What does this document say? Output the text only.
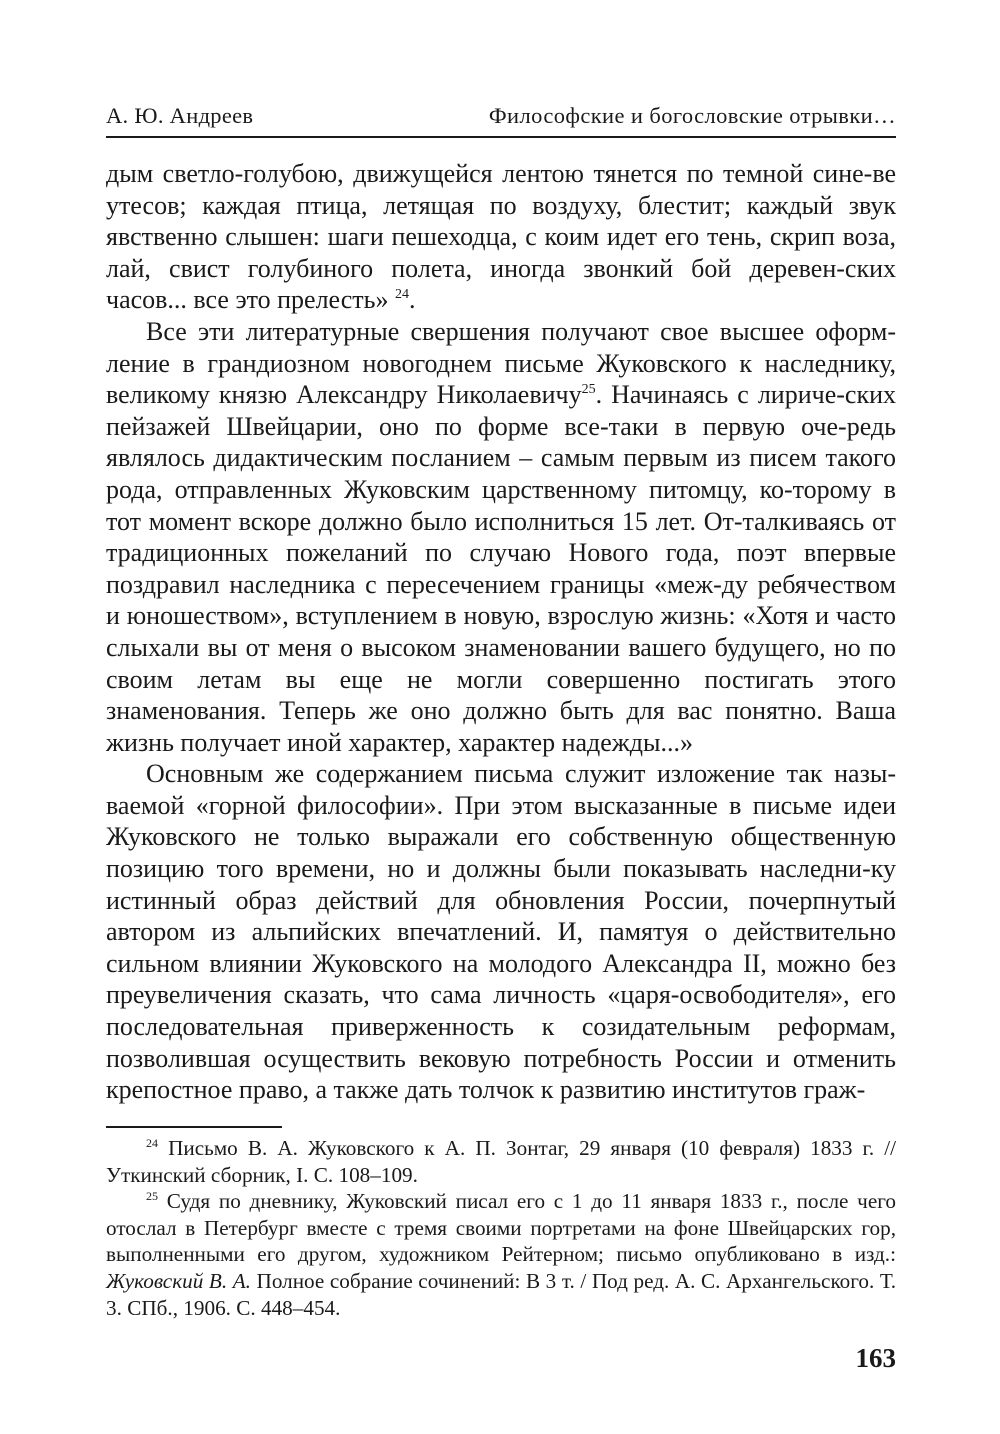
А. Ю. Андреев	Философские и богословские отрывки…

дым светло-голубою, движущейся лентою тянется по темной сине-ве утесов; каждая птица, летящая по воздуху, блестит; каждый звук явственно слышен: шаги пешеходца, с коим идет его тень, скрип воза, лай, свист голубиного полета, иногда звонкий бой деревен-ских часов... все это прелесть» $^{24}$.

Все эти литературные свершения получают свое высшее оформ-ление в грандиозном новогоднем письме Жуковского к наследнику, великому князю Александру Николаевичу$^{25}$. Начинаясь с лириче-ских пейзажей Швейцарии, оно по форме все-таки в первую оче-редь являлось дидактическим посланием – самым первым из писем такого рода, отправленных Жуковским царственному питомцу, ко-торому в тот момент вскоре должно было исполниться 15 лет. От-талкиваясь от традиционных пожеланий по случаю Нового года, поэт впервые поздравил наследника с пересечением границы «меж-ду ребячеством и юношеством», вступлением в новую, взрослую жизнь: «Хотя и часто слыхали вы от меня о высоком знаменовании вашего будущего, но по своим летам вы еще не могли совершенно постигать этого знаменования. Теперь же оно должно быть для вас понятно. Ваша жизнь получает иной характер, характер надежды...»

Основным же содержанием письма служит изложение так назы-ваемой «горной философии». При этом высказанные в письме идеи Жуковского не только выражали его собственную общественную позицию того времени, но и должны были показывать наследни-ку истинный образ действий для обновления России, почерпнутый автором из альпийских впечатлений. И, памятуя о действительно сильном влиянии Жуковского на молодого Александра II, можно без преувеличения сказать, что сама личность «царя-освободителя», его последовательная приверженность к созидательным реформам, позволившая осуществить вековую потребность России и отменить крепостное право, а также дать толчок к развитию институтов граж-

$^{24}$ Письмо В. А. Жуковского к А. П. Зонтаг, 29 января (10 февраля) 1833 г. // Уткинский сборник, I. С. 108–109.

$^{25}$ Судя по дневнику, Жуковский писал его с 1 до 11 января 1833 г., после чего отослал в Петербург вместе с тремя своими портретами на фоне Швейцарских гор, выполненными его другом, художником Рейтерном; письмо опубликовано в изд.: Жуковский В. А. Полное собрание сочинений: В 3 т. / Под ред. А. С. Архангельского. Т. 3. СПб., 1906. С. 448–454.

163
